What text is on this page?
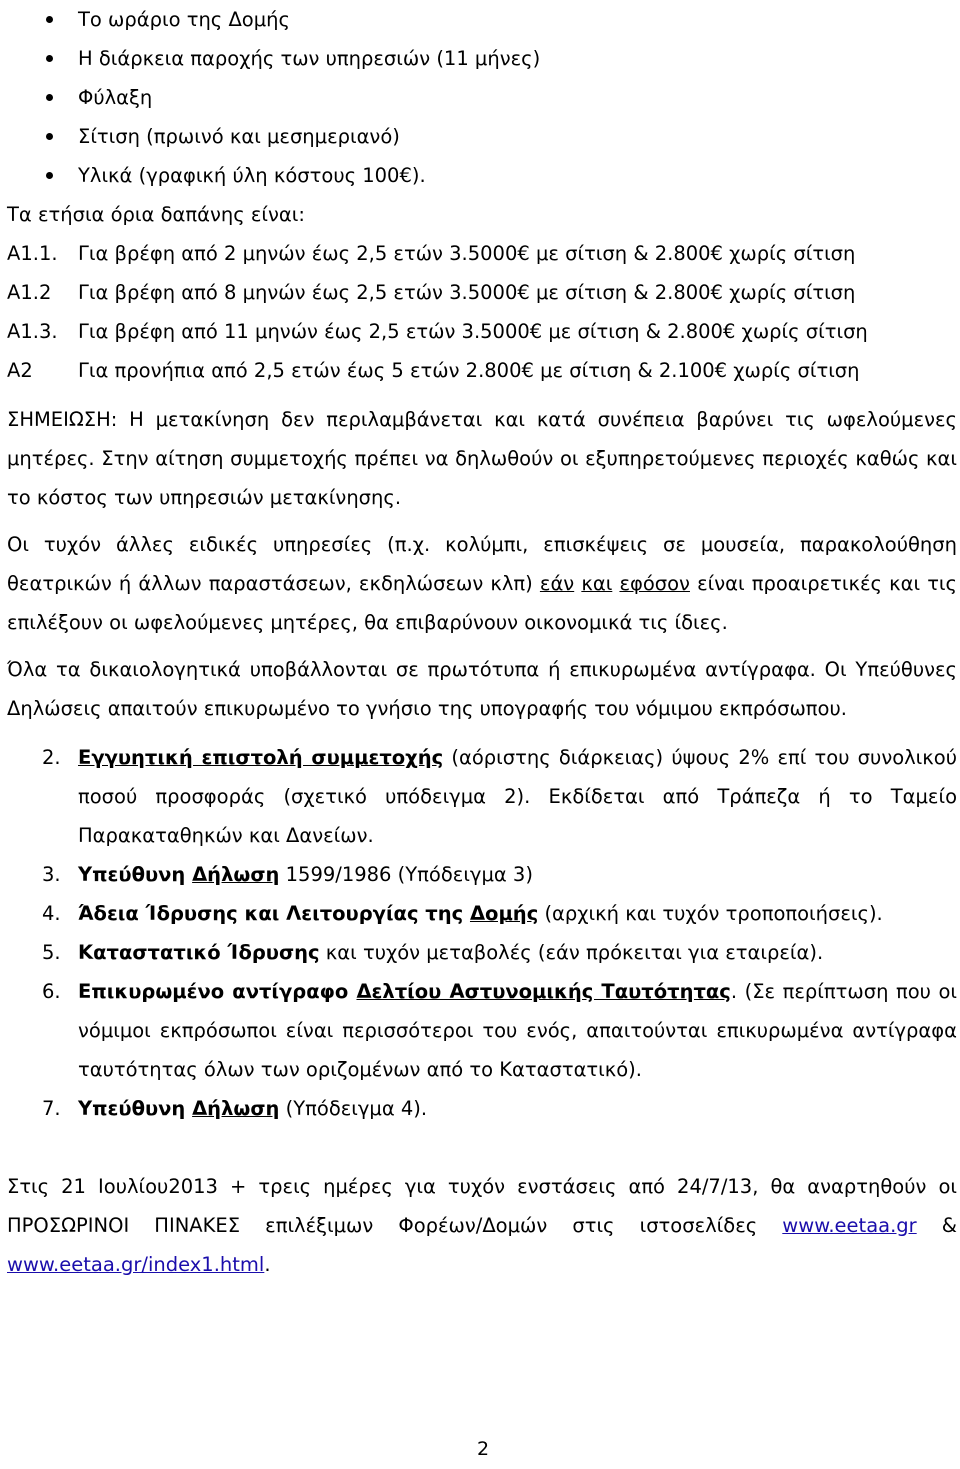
Το ωράριο της Δομής
Η διάρκεια παροχής των υπηρεσιών (11 μήνες)
Φύλαξη
Σίτιση (πρωινό και μεσημεριανό)
Υλικά (γραφική ύλη κόστους 100€).
Τα ετήσια όρια δαπάνης είναι:
Α1.1. Για βρέφη από 2 μηνών έως 2,5 ετών 3.5000€ με σίτιση & 2.800€ χωρίς σίτιση
Α1.2 Για βρέφη από 8 μηνών έως 2,5 ετών 3.5000€ με σίτιση & 2.800€ χωρίς σίτιση
Α1.3. Για βρέφη από 11 μηνών έως 2,5 ετών 3.5000€ με σίτιση & 2.800€ χωρίς σίτιση
Α2 Για προνήπια από 2,5 ετών έως 5 ετών 2.800€ με σίτιση & 2.100€ χωρίς σίτιση

ΣΗΜΕΙΩΣΗ: Η μετακίνηση δεν περιλαμβάνεται και κατά συνέπεια βαρύνει τις ωφελούμενες μητέρες. Στην αίτηση συμμετοχής πρέπει να δηλωθούν οι εξυπηρετούμενες περιοχές καθώς και το κόστος των υπηρεσιών μετακίνησης.

Οι τυχόν άλλες ειδικές υπηρεσίες (π.χ. κολύμπι, επισκέψεις σε μουσεία, παρακολούθηση θεατρικών ή άλλων παραστάσεων, εκδηλώσεων κλπ) εάν και εφόσον είναι προαιρετικές και τις επιλέξουν οι ωφελούμενες μητέρες, θα επιβαρύνουν οικονομικά τις ίδιες.

Όλα τα δικαιολογητικά υποβάλλονται σε πρωτότυπα ή επικυρωμένα αντίγραφα. Οι Υπεύθυνες Δηλώσεις απαιτούν επικυρωμένο το γνήσιο της υπογραφής του νόμιμου εκπρόσωπου.

2. Εγγυητική επιστολή συμμετοχής (αόριστης διάρκειας) ύψους 2% επί του συνολικού ποσού προσφοράς (σχετικό υπόδειγμα 2). Εκδίδεται από Τράπεζα ή το Ταμείο Παρακαταθηκών και Δανείων.
3. Υπεύθυνη Δήλωση 1599/1986 (Υπόδειγμα 3)
4. Άδεια Ίδρυσης και Λειτουργίας της Δομής (αρχική και τυχόν τροποποιήσεις).
5. Καταστατικό Ίδρυσης και τυχόν μεταβολές (εάν πρόκειται για εταιρεία).
6. Επικυρωμένο αντίγραφο Δελτίου Αστυνομικής Ταυτότητας. (Σε περίπτωση που οι νόμιμοι εκπρόσωποι είναι περισσότεροι του ενός, απαιτούνται επικυρωμένα αντίγραφα ταυτότητας όλων των οριζομένων από το Καταστατικό).
7. Υπεύθυνη Δήλωση (Υπόδειγμα 4).

Στις 21 Ιουλίου2013 + τρεις ημέρες για τυχόν ενστάσεις από 24/7/13, θα αναρτηθούν οι ΠΡΟΣΩΡΙΝΟΙ ΠΙΝΑΚΕΣ επιλέξιμων Φορέων/Δομών στις ιστοσελίδες www.eetaa.gr & www.eetaa.gr/index1.html.

2
